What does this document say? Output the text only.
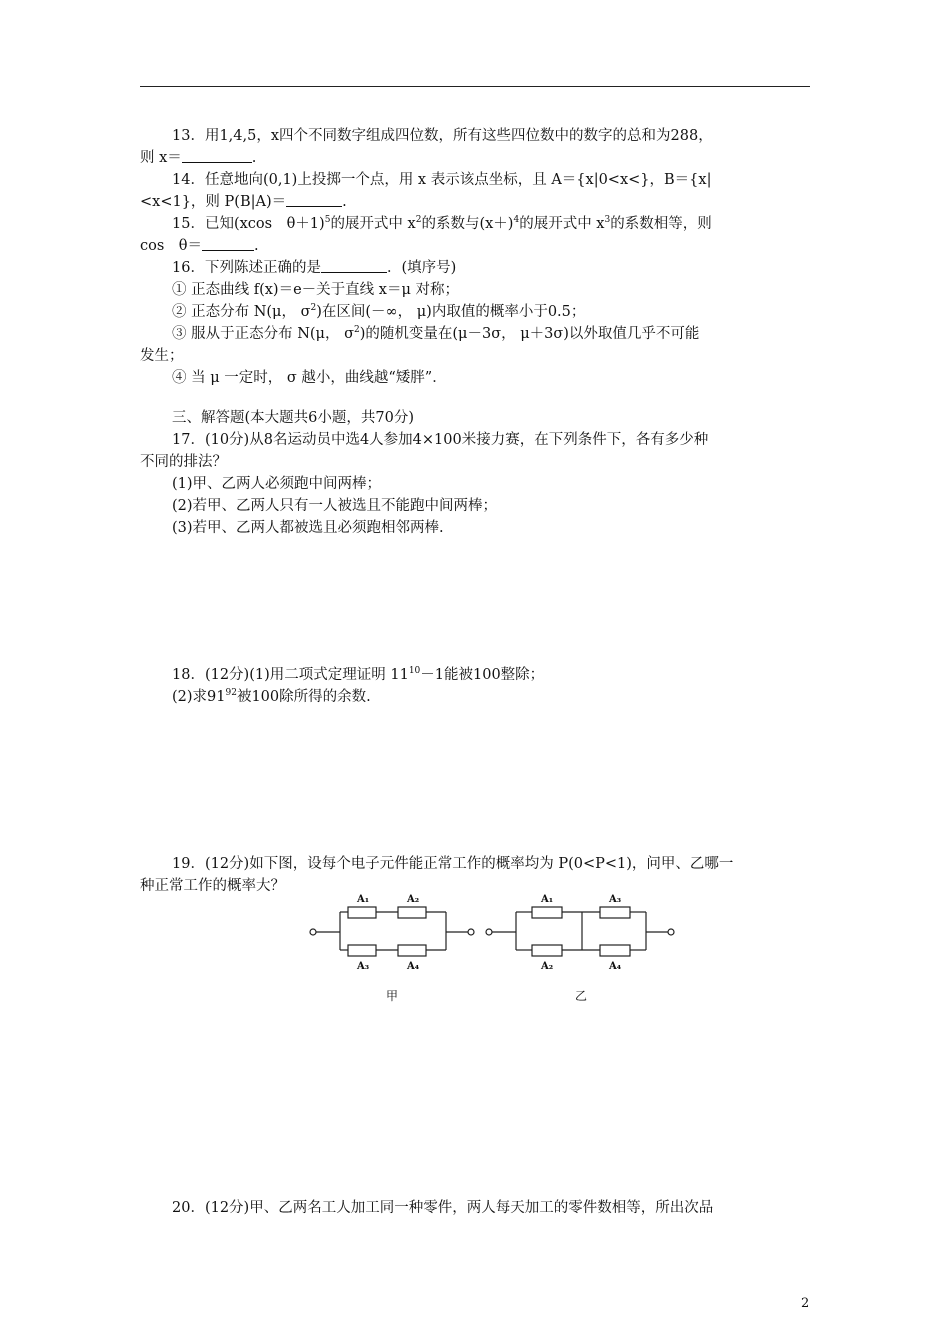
13．用1,4,5，x四个不同数字组成四位数，所有这些四位数中的数字的总和为288，
则 x＝	.
14．任意地向(0,1)上投掷一个点，用 x 表示该点坐标，且 A＝{x|0<x<}，B＝{x|
<x<1}，则 P(B|A)＝	.
15．已知(xcos　θ＋1)$^5$的展开式中 $x^2$的系数与$(x+)^4$的展开式中 $x^3$的系数相等，则
cos　θ＝	.
16．下列陈述正确的是	．(填序号)
① 正态曲线 f(x)＝e－关于直线 x＝μ 对称；
② 正态分布 N(μ， $\sigma^2$)在区间(－∞， μ)内取值的概率小于0.5；
③ 服从于正态分布 N(μ， $\sigma^2$)的随机变量在(μ－3σ， μ＋3σ)以外取值几乎不可能
发生；
④ 当 μ 一定时， σ 越小，曲线越“矮胖”．
三、解答题(本大题共6小题，共70分)
17．(10分)从8名运动员中选4人参加4×100米接力赛，在下列条件下，各有多少种
不同的排法？
(1)甲、乙两人必须跑中间两棒；
(2)若甲、乙两人只有一人被选且不能跑中间两棒；
(3)若甲、乙两人都被选且必须跑相邻两棒.
18．(12分)(1)用二项式定理证明 $11^{10}-1$能被100整除；
(2)求$91^{92}$被100除所得的余数.
19．(12分)如下图，设每个电子元件能正常工作的概率均为 P(0<P<1)，问甲、乙哪一
种正常工作的概率大？
A₁	A₂
A₃	A₄
A₁	A₃
A₂	A₄
甲	乙
20．(12分)甲、乙两名工人加工同一种零件，两人每天加工的零件数相等，所出次品
2
